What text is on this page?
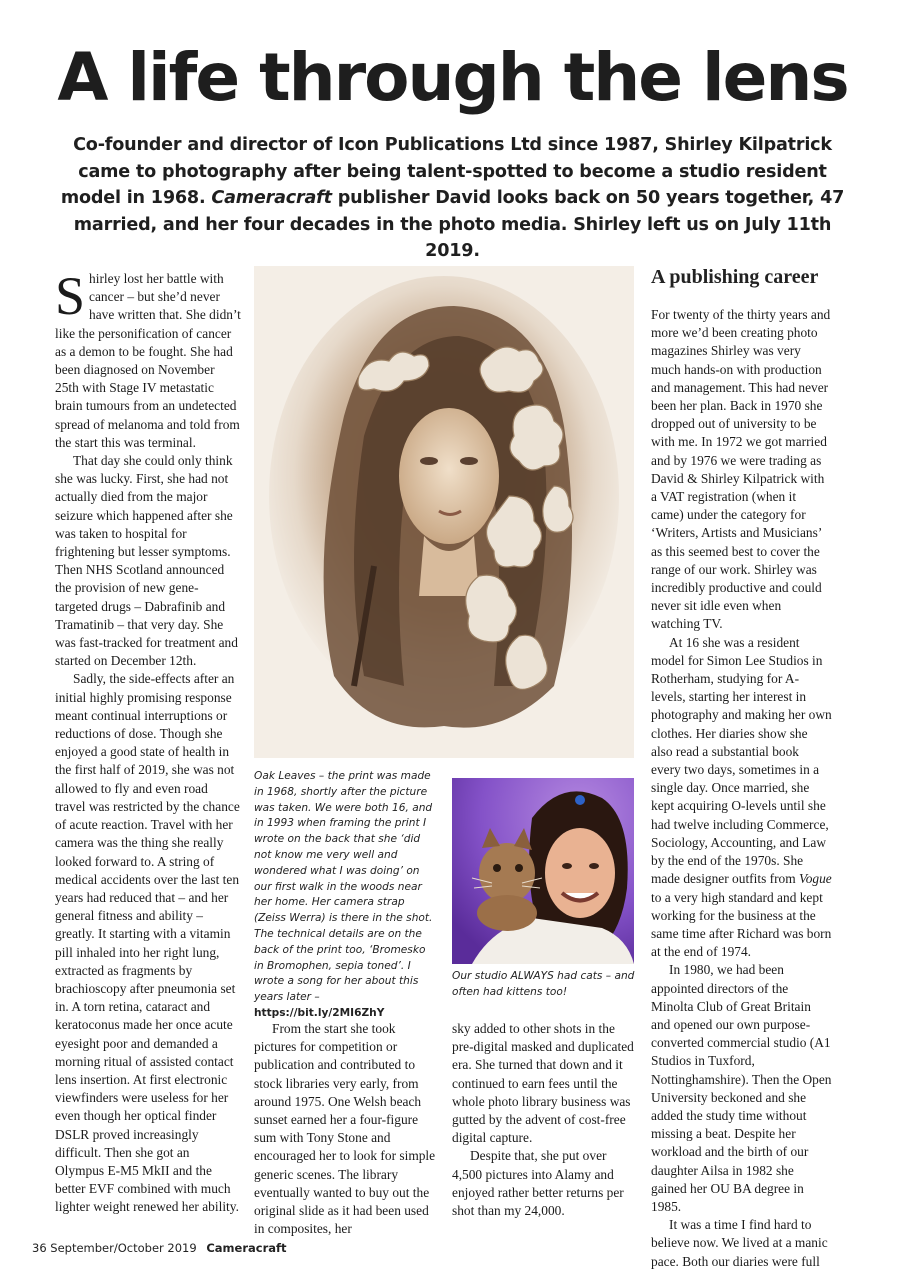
A life through the lens

Co-founder and director of Icon Publications Ltd since 1987, Shirley Kilpatrick came to photography after being talent-spotted to become a studio resident model in 1968. Cameracraft publisher David looks back on 50 years together, 47 married, and her four decades in the photo media. Shirley left us on July 11th 2019.

Shirley lost her battle with cancer – but she’d never have written that. She didn’t like the personification of cancer as a demon to be fought. She had been diagnosed on November 25th with Stage IV metastatic brain tumours from an undetected spread of melanoma and told from the start this was terminal.

That day she could only think she was lucky. First, she had not actually died from the major seizure which happened after she was taken to hospital for frightening but lesser symptoms. Then NHS Scotland announced the provision of new gene-targeted drugs – Dabrafinib and Tramatinib – that very day. She was fast-tracked for treatment and started on December 12th.

Sadly, the side-effects after an initial highly promising response meant continual interruptions or reductions of dose. Though she enjoyed a good state of health in the first half of 2019, she was not allowed to fly and even road travel was restricted by the chance of acute reaction. Travel with her camera was the thing she really looked forward to. A string of medical accidents over the last ten years had reduced that – and her general fitness and ability – greatly. It starting with a vitamin pill inhaled into her right lung, extracted as fragments by brachioscopy after pneumonia set in. A torn retina, cataract and keratoconus made her once acute eyesight poor and demanded a morning ritual of assisted contact lens insertion. At first electronic viewfinders were useless for her even though her optical finder DSLR proved increasingly difficult. Then she got an Olympus E-M5 MkII and the better EVF combined with much lighter weight renewed her ability.

Oak Leaves – the print was made in 1968, shortly after the picture was taken. We were both 16, and in 1993 when framing the print I wrote on the back that she ‘did not know me very well and wondered what I was doing’ on our first walk in the woods near her home. Her camera strap (Zeiss Werra) is there in the shot. The technical details are on the back of the print too, ‘Bromesko in Bromophen, sepia toned’. I wrote a song for her about this years later –
https://bit.ly/2MI6ZhY

Our studio ALWAYS had cats – and often had kittens too!

From the start she took pictures for competition or publication and contributed to stock libraries very early, from around 1975. One Welsh beach sunset earned her a four-figure sum with Tony Stone and encouraged her to look for simple generic scenes. The library eventually wanted to buy out the original slide as it had been used in composites, her

sky added to other shots in the pre-digital masked and duplicated era. She turned that down and it continued to earn fees until the whole photo library business was gutted by the advent of cost-free digital capture.

Despite that, she put over 4,500 pictures into Alamy and enjoyed rather better returns per shot than my 24,000.

A publishing career

For twenty of the thirty years and more we’d been creating photo magazines Shirley was very much hands-on with production and management. This had never been her plan. Back in 1970 she dropped out of university to be with me. In 1972 we got married and by 1976 we were trading as David & Shirley Kilpatrick with a VAT registration (when it came) under the category for ‘Writers, Artists and Musicians’ as this seemed best to cover the range of our work. Shirley was incredibly productive and could never sit idle even when watching TV.

At 16 she was a resident model for Simon Lee Studios in Rotherham, studying for A-levels, starting her interest in photography and making her own clothes. Her diaries show she also read a substantial book every two days, sometimes in a single day. Once married, she kept acquiring O-levels until she had twelve including Commerce, Sociology, Accounting, and Law by the end of the 1970s. She made designer outfits from Vogue to a very high standard and kept working for the business at the same time after Richard was born at the end of 1974.

In 1980, we had been appointed directors of the Minolta Club of Great Britain and opened our own purpose-converted commercial studio (A1 Studios in Tuxford, Nottinghamshire). Then the Open University beckoned and she added the study time without missing a beat. Despite her workload and the birth of our daughter Ailsa in 1982 she gained her OU BA degree in 1985.

It was a time I find hard to believe now. We lived at a manic pace. Both our diaries were full

36 September/October 2019 Cameracraft
